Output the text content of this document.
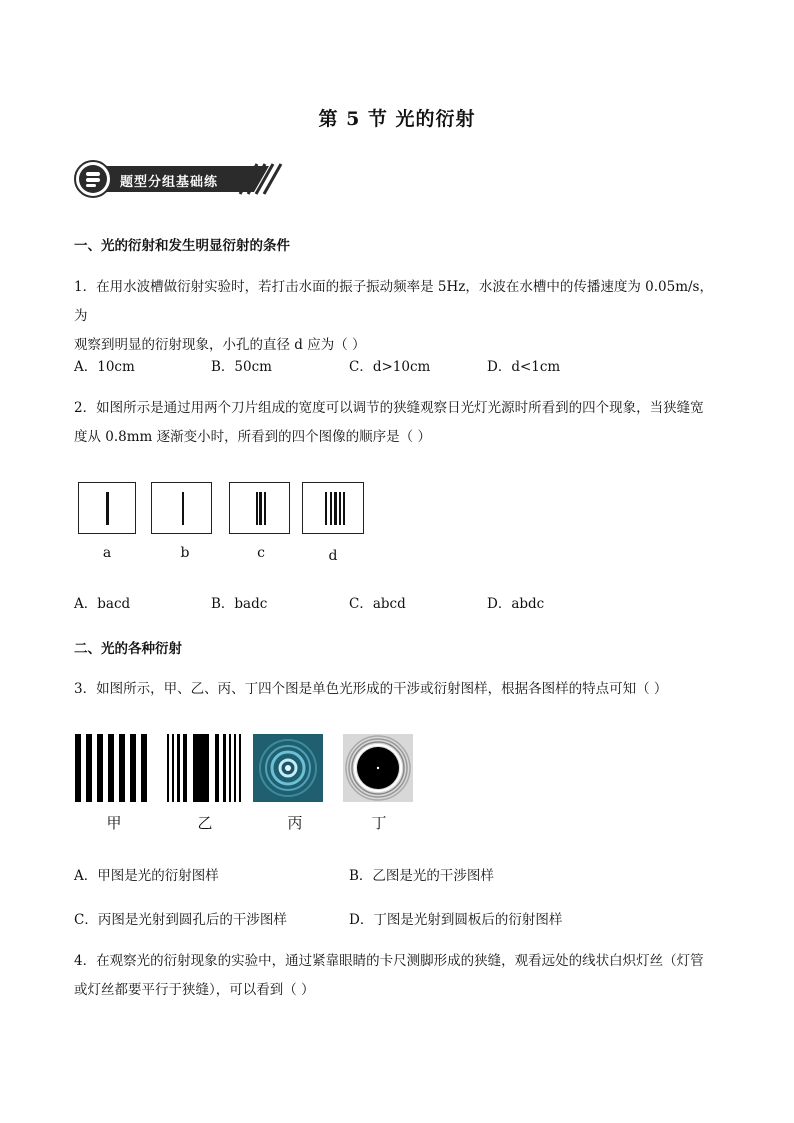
第 5 节 光的衍射
题型分组基础练
一、光的衍射和发生明显衍射的条件
1．在用水波槽做衍射实验时，若打击水面的振子振动频率是 5Hz，水波在水槽中的传播速度为 0.05m/s，为
观察到明显的衍射现象，小孔的直径 d 应为（ ）
A．10cm	B．50cm	C．d>10cm	D．d<1cm
2．如图所示是通过用两个刀片组成的宽度可以调节的狭缝观察日光灯光源时所看到的四个现象，当狭缝宽
度从 0.8mm 逐渐变小时，所看到的四个图像的顺序是（ ）
a	b	c	d
A．bacd	B．badc	C．abcd	D．abdc
二、光的各种衍射
3．如图所示，甲、乙、丙、丁四个图是单色光形成的干涉或衍射图样，根据各图样的特点可知（ ）
甲	乙	丙	丁
A．甲图是光的衍射图样	B．乙图是光的干涉图样
C．丙图是光射到圆孔后的干涉图样	D．丁图是光射到圆板后的衍射图样
4．在观察光的衍射现象的实验中，通过紧靠眼睛的卡尺测脚形成的狭缝，观看远处的线状白炽灯丝（灯管
或灯丝都要平行于狭缝），可以看到（ ）
